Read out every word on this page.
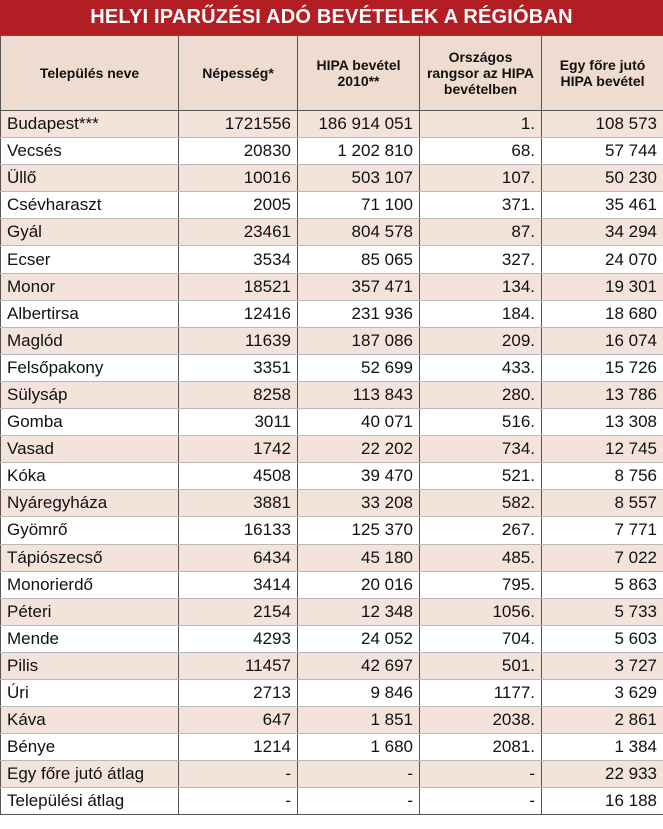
HELYI IPARŰZÉSI ADÓ BEVÉTELEK A RÉGIÓBAN
Település neve	Népesség*	HIPA bevétel 2010**	Országos rangsor az HIPA bevételben	Egy főre jutó HIPA bevétel
Budapest***	1721556	186 914 051	1.	108 573
Vecsés	20830	1 202 810	68.	57 744
Üllő	10016	503 107	107.	50 230
Csévharaszt	2005	71 100	371.	35 461
Gyál	23461	804 578	87.	34 294
Ecser	3534	85 065	327.	24 070
Monor	18521	357 471	134.	19 301
Albertirsa	12416	231 936	184.	18 680
Maglód	11639	187 086	209.	16 074
Felsőpakony	3351	52 699	433.	15 726
Sülysáp	8258	113 843	280.	13 786
Gomba	3011	40 071	516.	13 308
Vasad	1742	22 202	734.	12 745
Kóka	4508	39 470	521.	8 756
Nyáregyháza	3881	33 208	582.	8 557
Gyömrő	16133	125 370	267.	7 771
Tápiószecső	6434	45 180	485.	7 022
Monorierdő	3414	20 016	795.	5 863
Péteri	2154	12 348	1056.	5 733
Mende	4293	24 052	704.	5 603
Pilis	11457	42 697	501.	3 727
Úri	2713	9 846	1177.	3 629
Káva	647	1 851	2038.	2 861
Bénye	1214	1 680	2081.	1 384
Egy főre jutó átlag	-	-	-	22 933
Települési átlag	-	-	-	16 188
